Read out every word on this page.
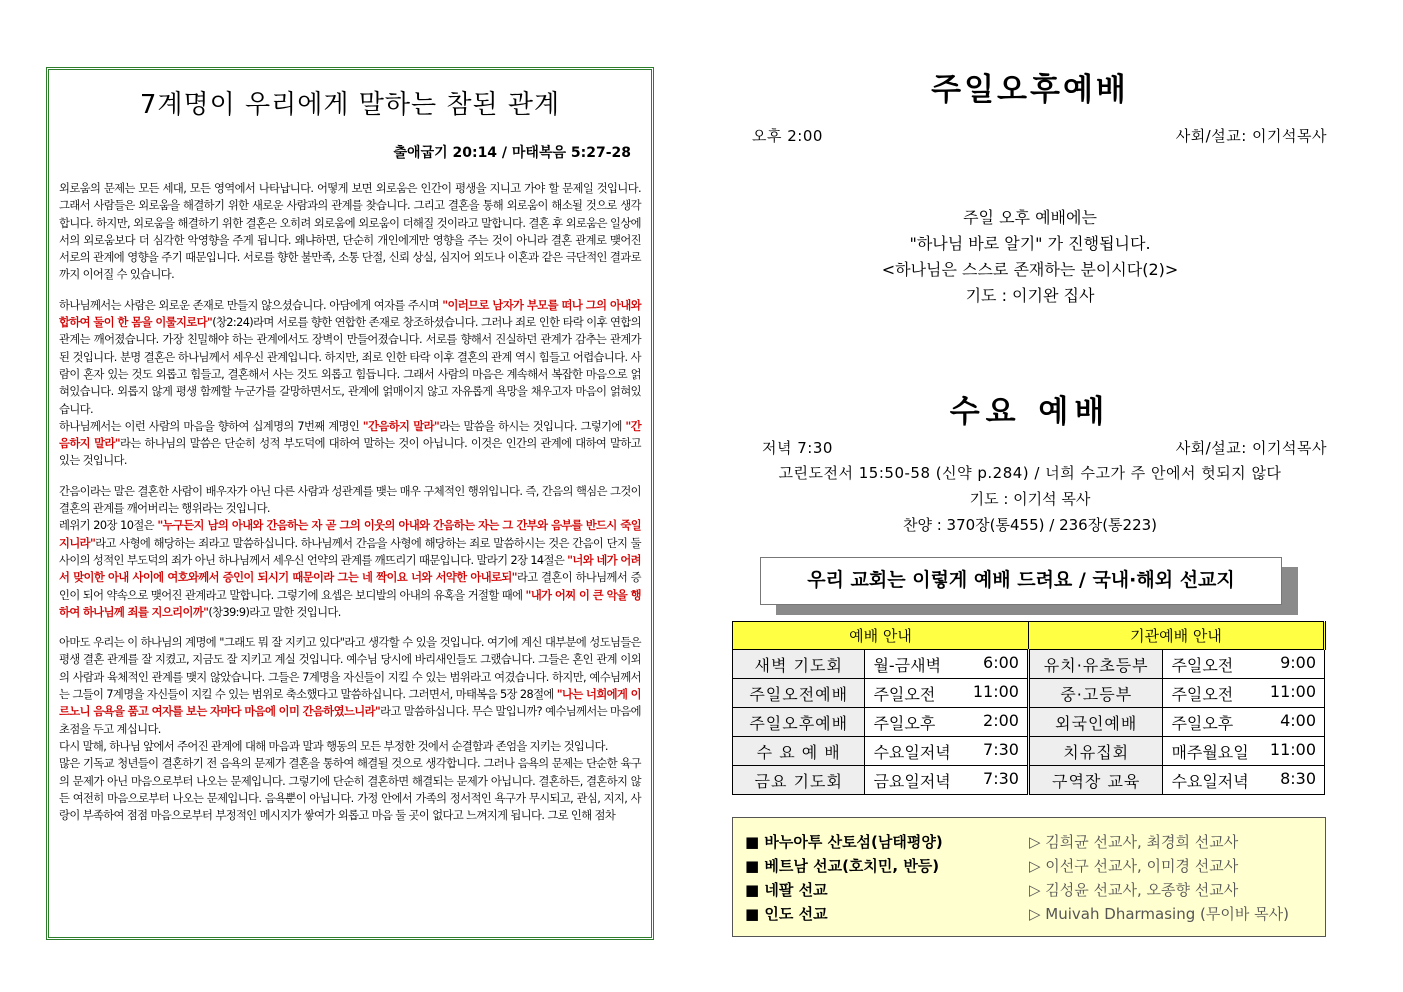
7계명이 우리에게 말하는 참된 관계
출애굽기 20:14 / 마태복음 5:27-28

외로움의 문제는 모든 세대, 모든 영역에서 나타납니다. 어떻게 보면 외로움은 인간이 평생을 지니고 가야 할 문제일 것입니다. 그래서 사람들은 외로움을 해결하기 위한 새로운 사람과의 관계를 찾습니다. 그리고 결혼을 통해 외로움이 해소될 것으로 생각합니다. 하지만, 외로움을 해결하기 위한 결혼은 오히려 외로움에 외로움이 더해질 것이라고 말합니다. 결혼 후 외로움은 일상에서의 외로움보다 더 심각한 악영향을 주게 됩니다. 왜냐하면, 단순히 개인에게만 영향을 주는 것이 아니라 결혼 관계로 맺어진 서로의 관계에 영향을 주기 때문입니다. 서로를 향한 불만족, 소통 단절, 신뢰 상실, 심지어 외도나 이혼과 같은 극단적인 결과로까지 이어질 수 있습니다.

하나님께서는 사람은 외로운 존재로 만들지 않으셨습니다. 아담에게 여자를 주시며 "이러므로 남자가 부모를 떠나 그의 아내와 합하여 둘이 한 몸을 이룰지로다"(창2:24)라며 서로를 향한 연합한 존재로 창조하셨습니다. 그러나 죄로 인한 타락 이후 연합의 관계는 깨어졌습니다. 가장 친밀해야 하는 관계에서도 장벽이 만들어졌습니다. 서로를 향해서 진실하던 관계가 감추는 관계가 된 것입니다. 분명 결혼은 하나님께서 세우신 관계입니다. 하지만, 죄로 인한 타락 이후 결혼의 관계 역시 힘들고 어렵습니다. 사람이 혼자 있는 것도 외롭고 힘들고, 결혼해서 사는 것도 외롭고 힘듭니다. 그래서 사람의 마음은 계속해서 복잡한 마음으로 얽혀있습니다. 외롭지 않게 평생 함께할 누군가를 갈망하면서도, 관계에 얽매이지 않고 자유롭게 욕망을 채우고자 마음이 얽혀있습니다.

하나님께서는 이런 사람의 마음을 향하여 십계명의 7번째 계명인 "간음하지 말라"라는 말씀을 하시는 것입니다. 그렇기에 "간음하지 말라"라는 하나님의 말씀은 단순히 성적 부도덕에 대하여 말하는 것이 아닙니다. 이것은 인간의 관계에 대하여 말하고 있는 것입니다.

간음이라는 말은 결혼한 사람이 배우자가 아닌 다른 사람과 성관계를 맺는 매우 구체적인 행위입니다. 즉, 간음의 핵심은 그것이 결혼의 관계를 깨어버리는 행위라는 것입니다.

레위기 20장 10절은 "누구든지 남의 아내와 간음하는 자 곧 그의 이웃의 아내와 간음하는 자는 그 간부와 음부를 반드시 죽일지니라"라고 사형에 해당하는 죄라고 말씀하십니다. 하나님께서 간음을 사형에 해당하는 죄로 말씀하시는 것은 간음이 단지 둘 사이의 성적인 부도덕의 죄가 아닌 하나님께서 세우신 언약의 관계를 깨뜨리기 때문입니다. 말라기 2장 14절은 "너와 네가 어려서 맞이한 아내 사이에 여호와께서 증인이 되시기 때문이라 그는 네 짝이요 너와 서약한 아내로되"라고 결혼이 하나님께서 증인이 되어 약속으로 맺어진 관계라고 말합니다. 그렇기에 요셉은 보디발의 아내의 유혹을 거절할 때에 "내가 어찌 이 큰 악을 행하여 하나님께 죄를 지으리이까"(창39:9)라고 말한 것입니다.

아마도 우리는 이 하나님의 계명에 "그래도 뭐 잘 지키고 있다"라고 생각할 수 있을 것입니다. 여기에 계신 대부분에 성도님들은 평생 결혼 관계를 잘 지켰고, 지금도 잘 지키고 계실 것입니다. 예수님 당시에 바리새인들도 그랬습니다. 그들은 혼인 관계 이외의 사람과 육체적인 관계를 맺지 않았습니다. 그들은 7계명을 자신들이 지킬 수 있는 범위라고 여겼습니다. 하지만, 예수님께서는 그들이 7계명을 자신들이 지킬 수 있는 범위로 축소했다고 말씀하십니다. 그러면서, 마태복음 5장 28절에 "나는 너희에게 이르노니 음욕을 품고 여자를 보는 자마다 마음에 이미 간음하였느니라"라고 말씀하십니다. 무슨 말입니까? 예수님께서는 마음에 초점을 두고 계십니다.

다시 말해, 하나님 앞에서 주어진 관계에 대해 마음과 말과 행동의 모든 부정한 것에서 순결함과 존엄을 지키는 것입니다.

많은 기독교 청년들이 결혼하기 전 음욕의 문제가 결혼을 통하여 해결될 것으로 생각합니다. 그러나 음욕의 문제는 단순한 육구의 문제가 아닌 마음으로부터 나오는 문제입니다. 그렇기에 단순히 결혼하면 해결되는 문제가 아닙니다. 결혼하든, 결혼하지 않든 여전히 마음으로부터 나오는 문제입니다. 음욕뿐이 아닙니다. 가정 안에서 가족의 정서적인 욕구가 무시되고, 관심, 지지, 사랑이 부족하여 점점 마음으로부터 부정적인 메시지가 쌓여가 외롭고 마음 둘 곳이 없다고 느껴지게 됩니다. 그로 인해 점차

주일오후예배
오후 2:00	사회/설교: 이기석목사
주일 오후 예배에는
"하나님 바로 알기" 가 진행됩니다.
<하나님은 스스로 존재하는 분이시다(2)>
기도 : 이기완 집사
수요 예배
저녁 7:30	사회/설교: 이기석목사
고린도전서 15:50-58 (신약 p.284) / 너희 수고가 주 안에서 헛되지 않다
기도 : 이기석 목사
찬양 : 370장(통455) / 236장(통223)
우리 교회는 이렇게 예배 드려요 / 국내·해외 선교지
예배 안내		기관예배 안내	
새벽 기도회	월-금새벽 6:00	유치·유초등부	주일오전 9:00

주일오전예배	주일오전 11:00	중·고등부	주일오전 11:00

주일오후예배	주일오후 2:00	외국인예배	주일오후 4:00

수 요 예 배	수요일저녁 7:30	치유집회	매주월요일 11:00

금요 기도회	금요일저녁 7:30	구역장 교육	수요일저녁 8:30
■ 바누아투 산토섬(남태평양)	▷ 김희균 선교사, 최경희 선교사
■ 베트남 선교(호치민, 반등)	▷ 이선구 선교사, 이미경 선교사
■ 네팔 선교	▷ 김성윤 선교사, 오종향 선교사
■ 인도 선교	▷ Muivah Dharmasing (무이바 목사)
